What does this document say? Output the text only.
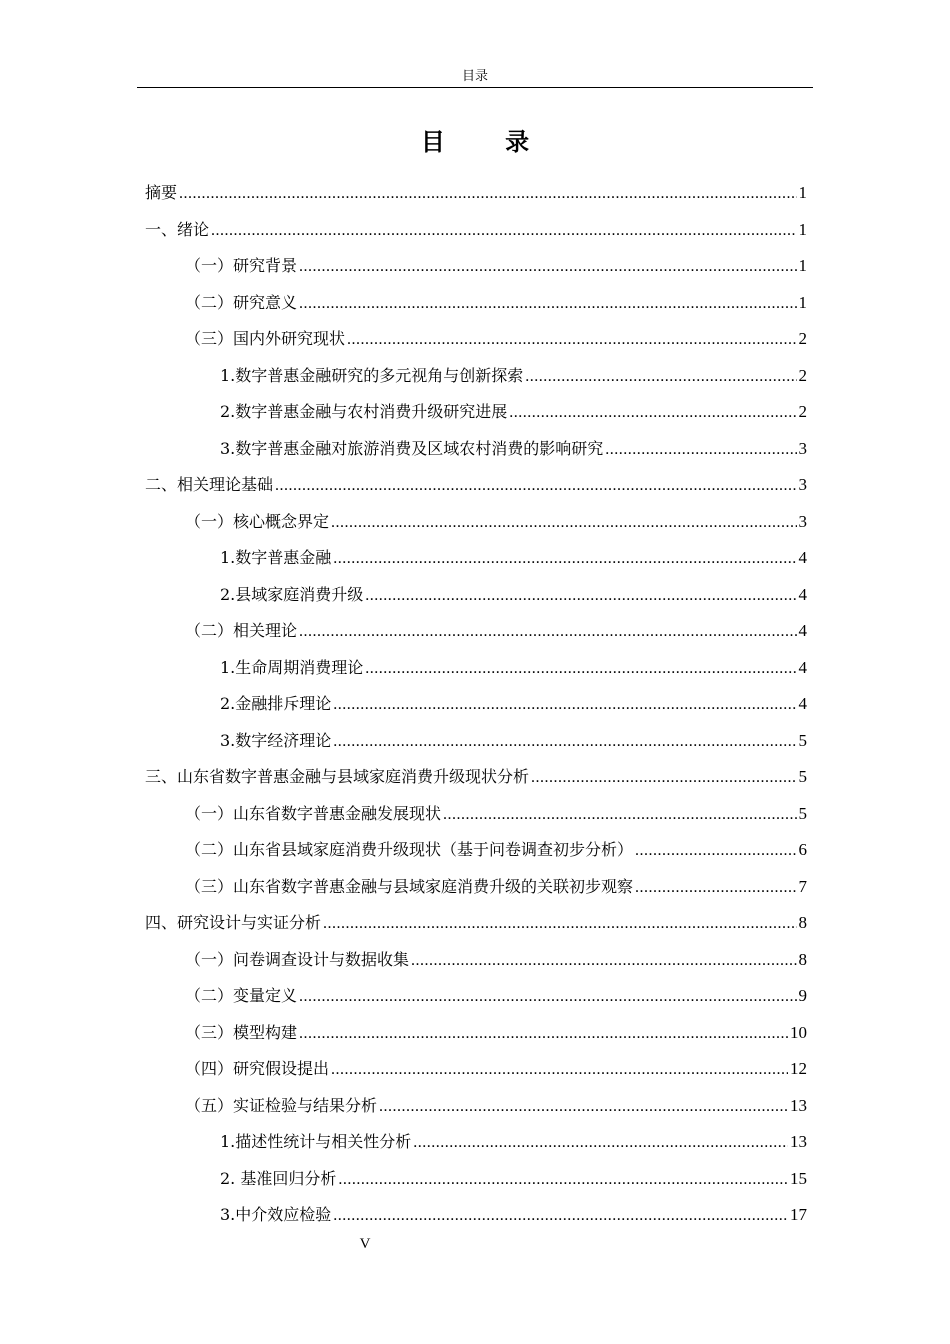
目录
目 录
摘要 .....	1
一、绪论 .....	1
（一）研究背景 .....	1
（二）研究意义 .....	1
（三）国内外研究现状 .....	2
1.数字普惠金融研究的多元视角与创新探索 .....	2
2.数字普惠金融与农村消费升级研究进展 .....	2
3.数字普惠金融对旅游消费及区域农村消费的影响研究 .....	3
二、相关理论基础 .....	3
（一）核心概念界定 .....	3
1.数字普惠金融 .....	4
2.县域家庭消费升级 .....	4
（二）相关理论 .....	4
1.生命周期消费理论 .....	4
2.金融排斥理论 .....	4
3.数字经济理论 .....	5
三、山东省数字普惠金融与县域家庭消费升级现状分析 .....	5
（一）山东省数字普惠金融发展现状 .....	5
（二）山东省县域家庭消费升级现状（基于问卷调查初步分析） .....	6
（三）山东省数字普惠金融与县域家庭消费升级的关联初步观察 .....	7
四、研究设计与实证分析 .....	8
（一）问卷调查设计与数据收集 .....	8
（二）变量定义 .....	9
（三）模型构建 .....	10
（四）研究假设提出 .....	12
（五）实证检验与结果分析 .....	13
1.描述性统计与相关性分析 .....	13
2. 基准回归分析 .....	15
3.中介效应检验 .....	17
V
